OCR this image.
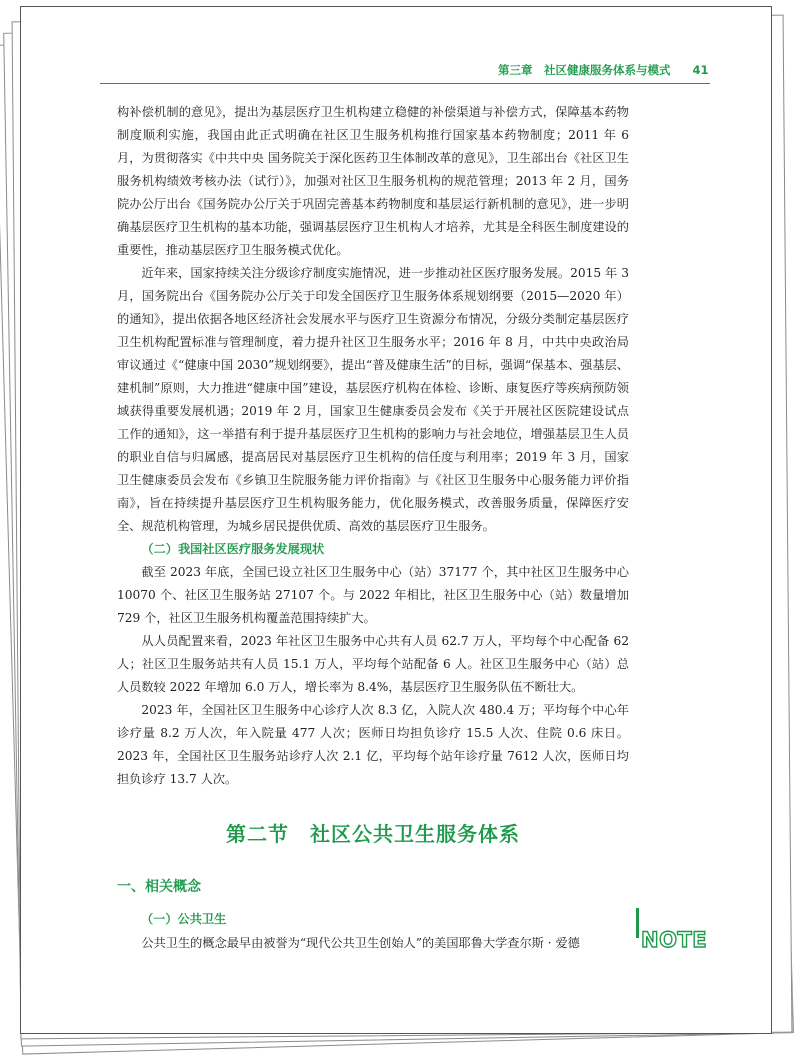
第三章　社区健康服务体系与模式 41

构补偿机制的意见》，提出为基层医疗卫生机构建立稳健的补偿渠道与补偿方式，保障基本药物制度顺利实施，我国由此正式明确在社区卫生服务机构推行国家基本药物制度；2011 年 6 月，为贯彻落实《中共中央 国务院关于深化医药卫生体制改革的意见》，卫生部出台《社区卫生服务机构绩效考核办法（试行）》，加强对社区卫生服务机构的规范管理；2013 年 2 月，国务院办公厅出台《国务院办公厅关于巩固完善基本药物制度和基层运行新机制的意见》，进一步明确基层医疗卫生机构的基本功能，强调基层医疗卫生机构人才培养，尤其是全科医生制度建设的重要性，推动基层医疗卫生服务模式优化。

近年来，国家持续关注分级诊疗制度实施情况，进一步推动社区医疗服务发展。2015 年 3 月，国务院出台《国务院办公厅关于印发全国医疗卫生服务体系规划纲要（2015—2020 年）的通知》，提出依据各地区经济社会发展水平与医疗卫生资源分布情况，分级分类制定基层医疗卫生机构配置标准与管理制度，着力提升社区卫生服务水平；2016 年 8 月，中共中央政治局审议通过《“健康中国 2030”规划纲要》，提出“普及健康生活”的目标，强调“保基本、强基层、建机制”原则，大力推进“健康中国”建设，基层医疗机构在体检、诊断、康复医疗等疾病预防领域获得重要发展机遇；2019 年 2 月，国家卫生健康委员会发布《关于开展社区医院建设试点工作的通知》，这一举措有利于提升基层医疗卫生机构的影响力与社会地位，增强基层卫生人员的职业自信与归属感，提高居民对基层医疗卫生机构的信任度与利用率；2019 年 3 月，国家卫生健康委员会发布《乡镇卫生院服务能力评价指南》与《社区卫生服务中心服务能力评价指南》，旨在持续提升基层医疗卫生机构服务能力，优化服务模式，改善服务质量，保障医疗安全、规范机构管理，为城乡居民提供优质、高效的基层医疗卫生服务。

（二）我国社区医疗服务发展现状

截至 2023 年底，全国已设立社区卫生服务中心（站）37177 个，其中社区卫生服务中心 10070 个、社区卫生服务站 27107 个。与 2022 年相比，社区卫生服务中心（站）数量增加 729 个，社区卫生服务机构覆盖范围持续扩大。

从人员配置来看，2023 年社区卫生服务中心共有人员 62.7 万人，平均每个中心配备 62 人；社区卫生服务站共有人员 15.1 万人，平均每个站配备 6 人。社区卫生服务中心（站）总人员数较 2022 年增加 6.0 万人，增长率为 8.4%，基层医疗卫生服务队伍不断壮大。

2023 年，全国社区卫生服务中心诊疗人次 8.3 亿，入院人次 480.4 万；平均每个中心年诊疗量 8.2 万人次，年入院量 477 人次；医师日均担负诊疗 15.5 人次、住院 0.6 床日。2023 年，全国社区卫生服务站诊疗人次 2.1 亿，平均每个站年诊疗量 7612 人次，医师日均担负诊疗 13.7 人次。

第二节　社区公共卫生服务体系
一、相关概念
（一）公共卫生
公共卫生的概念最早由被誉为“现代公共卫生创始人”的美国耶鲁大学查尔斯 · 爱德	NOTE
